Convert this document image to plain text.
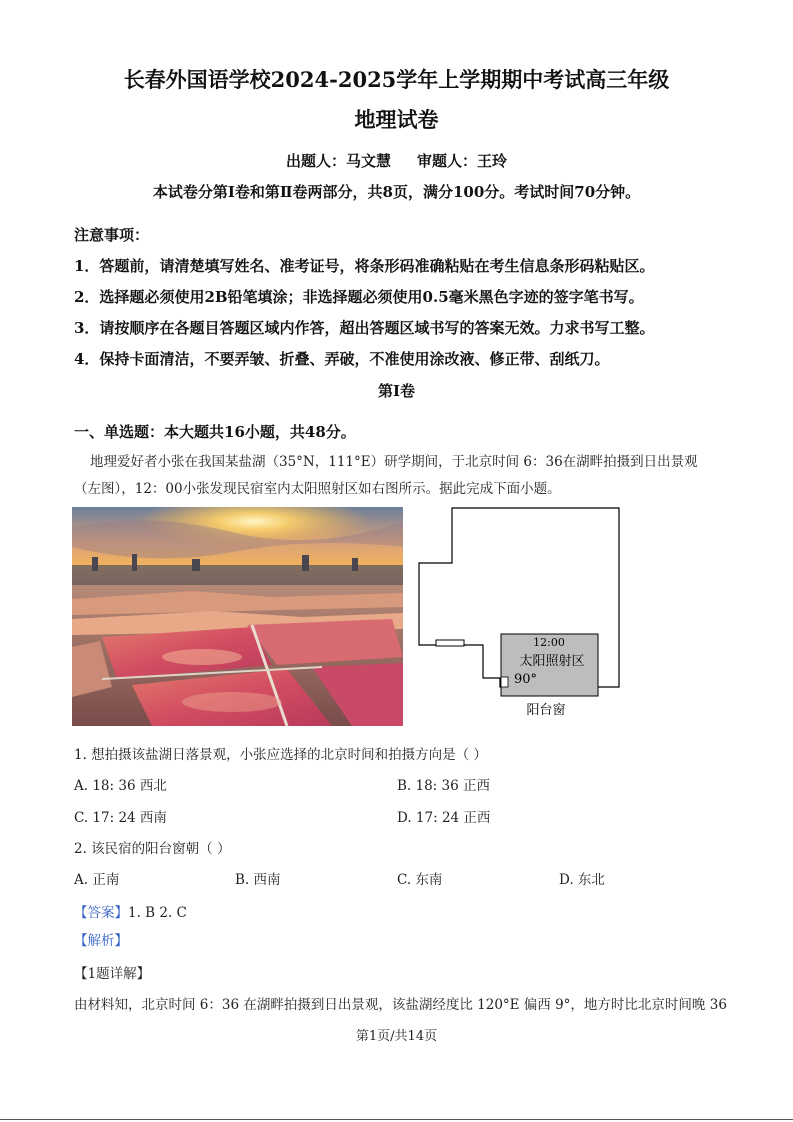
长春外国语学校2024-2025学年上学期期中考试高三年级
地理试卷
出题人：马文慧 审题人：王玲
本试卷分第Ⅰ卷和第Ⅱ卷两部分，共8页，满分100分。考试时间70分钟。
注意事项：
1．答题前，请清楚填写姓名、准考证号，将条形码准确粘贴在考生信息条形码粘贴区。
2．选择题必须使用2B铅笔填涂；非选择题必须使用0.5毫米黑色字迹的签字笔书写。
3．请按顺序在各题目答题区域内作答，超出答题区域书写的答案无效。力求书写工整。
4．保持卡面清洁，不要弄皱、折叠、弄破，不准使用涂改液、修正带、刮纸刀。
第Ⅰ卷
一、单选题：本大题共16小题，共48分。

地理爱好者小张在我国某盐湖（35°N，111°E）研学期间，于北京时间 6：36在湖畔拍摄到日出景观

（左图），12：00小张发现民宿室内太阳照射区如右图所示。据此完成下面小题。

12:00
太阳照射区
90°
阳台窗
1. 想拍摄该盐湖日落景观，小张应选择的北京时间和拍摄方向是（ ）
A. 18: 36 西北	B. 18: 36 正西
C. 17: 24 西南	D. 17: 24 正西
2. 该民宿的阳台窗朝（ ）
A. 正南	B. 西南	C. 东南	D. 东北
【答案】1. B 2. C
【解析】
【1题详解】
由材料知，北京时间 6：36 在湖畔拍摄到日出景观，该盐湖经度比 120°E 偏西 9°，地方时比北京时间晚 36
第1页/共14页
